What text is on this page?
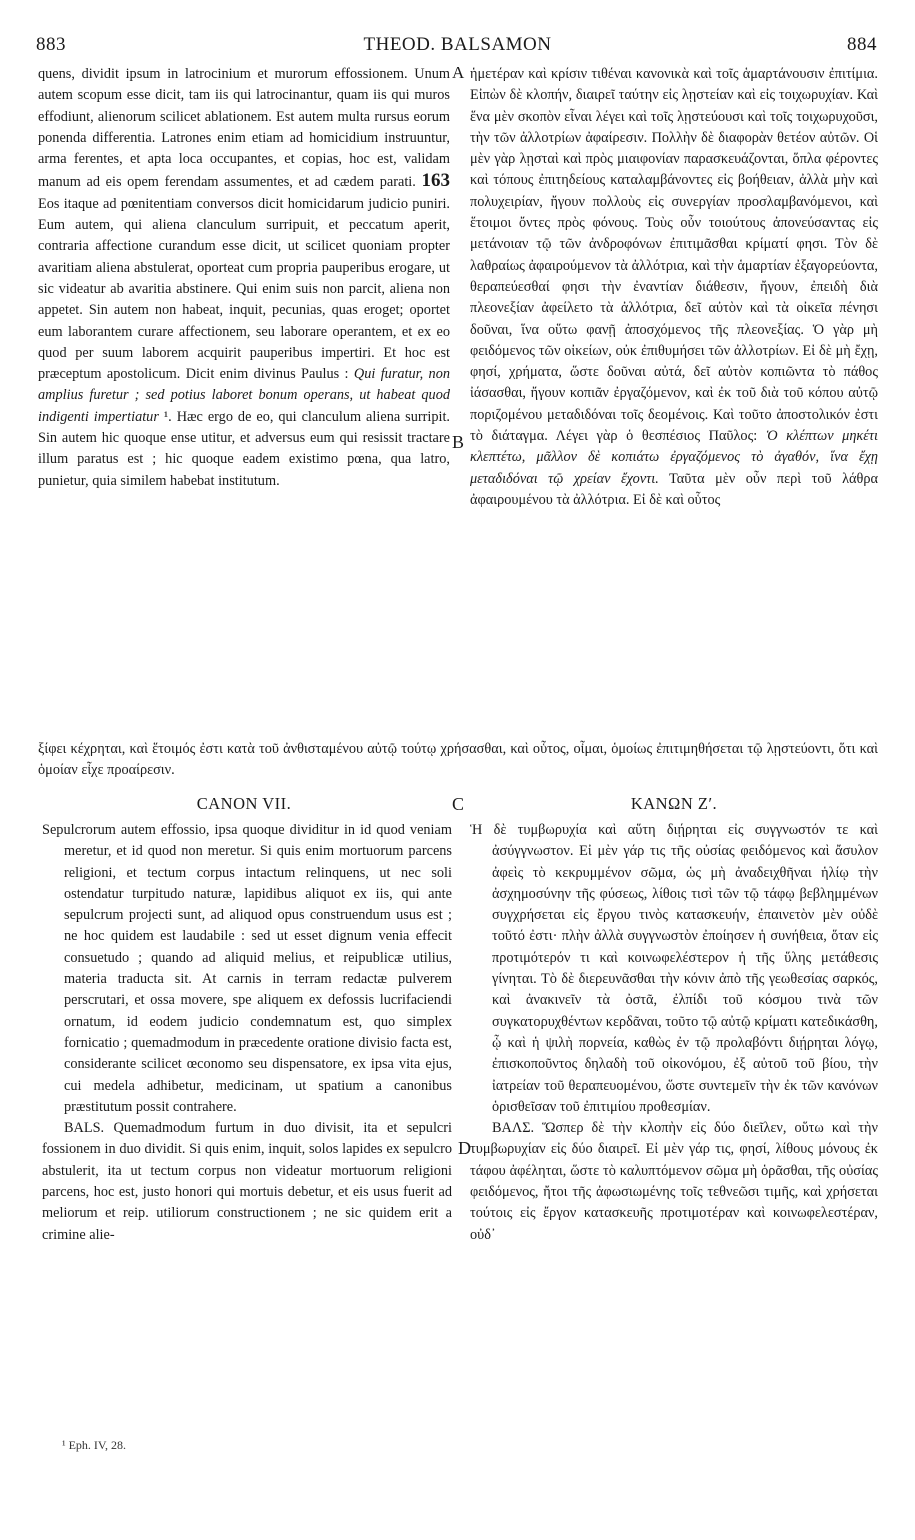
883	THEOD. BALSAMON	884
A
B
C
D

quens, dividit ipsum in latrocinium et murorum effossionem. Unum autem scopum esse dicit, tam iis qui latrocinantur, quam iis qui muros effodiunt, alienorum scilicet ablationem. Est autem multa rursus eorum ponenda differentia. Latrones enim etiam ad homicidium instruuntur, arma ferentes, et apta loca occupantes, et copias, hoc est, validam manum ad eis opem ferendam assumentes, et ad cædem parati. 163 Eos itaque ad pœnitentiam conversos dicit homicidarum judicio puniri. Eum autem, qui aliena clanculum surripuit, et peccatum aperit, contraria affectione curandum esse dicit, ut scilicet quoniam propter avaritiam aliena abstulerat, oporteat cum propria pauperibus erogare, ut sic videatur ab avaritia abstinere. Qui enim suis non parcit, aliena non appetet. Sin autem non habeat, inquit, pecunias, quas eroget; oportet eum laborantem curare affectionem, seu laborare operantem, et ex eo quod per suum laborem acquirit pauperibus impertiri. Et hoc est præceptum apostolicum. Dicit enim divinus Paulus : Qui furatur, non amplius furetur ; sed potius laboret bonum operans, ut habeat quod indigenti impertiatur ¹. Hæc ergo de eo, qui clanculum aliena surripit. Sin autem hic quoque ense utitur, et adversus eum qui resissit tractare illum paratus est ; hic quoque eadem existimo pœna, qua latro, punietur, quia similem habebat institutum.

ἡμετέραν καὶ κρίσιν τιθέναι κανονικὰ καὶ τοῖς ἁμαρτάνουσιν ἐπιτίμια. Εἰπὼν δὲ κλοπήν, διαιρεῖ ταύτην εἰς λῃστείαν καὶ εἰς τοιχωρυχίαν. Καὶ ἕνα μὲν σκοπὸν εἶναι λέγει καὶ τοῖς λῃστεύουσι καὶ τοῖς τοιχωρυχοῦσι, τὴν τῶν ἀλλοτρίων ἀφαίρεσιν. Πολλὴν δὲ διαφορὰν θετέον αὐτῶν. Οἱ μὲν γὰρ λῃσταὶ καὶ πρὸς μιαιφονίαν παρασκευάζονται, ὅπλα φέροντες καὶ τόπους ἐπιτηδείους καταλαμβάνοντες εἰς βοήθειαν, ἀλλὰ μὴν καὶ πολυχειρίαν, ἤγουν πολλοὺς εἰς συνεργίαν προσλαμβανόμενοι, καὶ ἕτοιμοι ὄντες πρὸς φόνους. Τοὺς οὖν τοιούτους ἀπονεύσαντας εἰς μετάνοιαν τῷ τῶν ἀνδροφόνων ἐπιτιμᾶσθαι κρίματί φησι. Τὸν δὲ λαθραίως ἀφαιρούμενον τὰ ἀλλότρια, καὶ τὴν ἁμαρτίαν ἐξαγορεύοντα, θεραπεύεσθαί φησι τὴν ἐναντίαν διάθεσιν, ἤγουν, ἐπειδὴ διὰ πλεονεξίαν ἀφείλετο τὰ ἀλλότρια, δεῖ αὐτὸν καὶ τὰ οἰκεῖα πένησι δοῦναι, ἵνα οὕτω φανῇ ἀποσχόμενος τῆς πλεονεξίας. Ὁ γὰρ μὴ φειδόμενος τῶν οἰκείων, οὐκ ἐπιθυμήσει τῶν ἀλλοτρίων. Εἰ δὲ μὴ ἔχῃ, φησί, χρήματα, ὥστε δοῦναι αὐτά, δεῖ αὐτὸν κοπιῶντα τὸ πάθος ἰάσασθαι, ἤγουν κοπιᾶν ἐργαζόμενον, καὶ ἐκ τοῦ διὰ τοῦ κόπου αὐτῷ ποριζομένου μεταδιδόναι τοῖς δεομένοις. Καὶ τοῦτο ἀποστολικόν ἐστι τὸ διάταγμα. Λέγει γὰρ ὁ θεσπέσιος Παῦλος: Ὁ κλέπτων μηκέτι κλεπτέτω, μᾶλλον δὲ κοπιάτω ἐργαζόμενος τὸ ἀγαθόν, ἵνα ἔχῃ μεταδιδόναι τῷ χρείαν ἔχοντι. Ταῦτα μὲν οὖν περὶ τοῦ λάθρα ἀφαιρουμένου τὰ ἀλλότρια. Εἰ δὲ καὶ οὗτος

ξίφει κέχρηται, καὶ ἕτοιμός ἐστι κατὰ τοῦ ἀνθισταμένου αὐτῷ τούτῳ χρήσασθαι, καὶ οὗτος, οἶμαι, ὁμοίως ἐπιτιμηθήσεται τῷ λῃστεύοντι, ὅτι καὶ ὁμοίαν εἶχε προαίρεσιν.

CANON VII.	ΚΑΝΩΝ Ζʹ.

Sepulcrorum autem effossio, ipsa quoque dividitur in id quod veniam meretur, et id quod non meretur. Si quis enim mortuorum parcens religioni, et tectum corpus intactum relinquens, ut nec soli ostendatur turpitudo naturæ, lapidibus aliquot ex iis, qui ante sepulcrum projecti sunt, ad aliquod opus construendum usus est ; ne hoc quidem est laudabile : sed ut esset dignum venia effecit consuetudo ; quando ad aliquid melius, et reipublicæ utilius, materia traducta sit. At carnis in terram redactæ pulverem perscrutari, et ossa movere, spe aliquem ex defossis lucrifaciendi ornatum, id eodem judicio condemnatum est, quo simplex fornicatio ; quemadmodum in præcedente oratione divisio facta est, considerante scilicet œconomo seu dispensatore, ex ipsa vita ejus, cui medela adhibetur, medicinam, ut spatium a canonibus præstitutum possit contrahere.

BALS. Quemadmodum furtum in duo divisit, ita et sepulcri fossionem in duo dividit. Si quis enim, inquit, solos lapides ex sepulcro abstulerit, ita ut tectum corpus non videatur mortuorum religioni parcens, hoc est, justo honori qui mortuis debetur, et eis usus fuerit ad meliorum et reip. utiliorum constructionem ; ne sic quidem erit a crimine alie-

Ἡ δὲ τυμβωρυχία καὶ αὕτη διῄρηται εἰς συγγνωστόν τε καὶ ἀσύγγνωστον. Εἰ μὲν γάρ τις τῆς οὐσίας φειδόμενος καὶ ἄσυλον ἀφεὶς τὸ κεκρυμμένον σῶμα, ὡς μὴ ἀναδειχθῆναι ἡλίῳ τὴν ἀσχημοσύνην τῆς φύσεως, λίθοις τισὶ τῶν τῷ τάφῳ βεβλημμένων συγχρήσεται εἰς ἔργου τινὸς κατασκευήν, ἐπαινετὸν μὲν οὐδὲ τοῦτό ἐστι· πλὴν ἀλλὰ συγγνωστὸν ἐποίησεν ἡ συνήθεια, ὅταν εἰς προτιμότερόν τι καὶ κοινωφελέστερον ἡ τῆς ὕλης μετάθεσις γίνηται. Τὸ δὲ διερευνᾶσθαι τὴν κόνιν ἀπὸ τῆς γεωθεσίας σαρκός, καὶ ἀνακινεῖν τὰ ὀστᾶ, ἐλπίδι τοῦ κόσμου τινὰ τῶν συγκατορυχθέντων κερδᾶναι, τοῦτο τῷ αὐτῷ κρίματι κατεδικάσθη, ᾧ καὶ ἡ ψιλὴ πορνεία, καθὼς ἐν τῷ προλαβόντι διῄρηται λόγῳ, ἐπισκοποῦντος δηλαδὴ τοῦ οἰκονόμου, ἐξ αὐτοῦ τοῦ βίου, τὴν ἰατρείαν τοῦ θεραπευομένου, ὥστε συντεμεῖν τὴν ἐκ τῶν κανόνων ὁρισθεῖσαν τοῦ ἐπιτιμίου προθεσμίαν.

ΒΑΛΣ. Ὥσπερ δὲ τὴν κλοπὴν εἰς δύο διεῖλεν, οὕτω καὶ τὴν τυμβωρυχίαν εἰς δύο διαιρεῖ. Εἰ μὲν γάρ τις, φησί, λίθους μόνους ἐκ τάφου ἀφέληται, ὥστε τὸ καλυπτόμενον σῶμα μὴ ὁρᾶσθαι, τῆς οὐσίας φειδόμενος, ἤτοι τῆς ἀφωσιωμένης τοῖς τεθνεῶσι τιμῆς, καὶ χρήσεται τούτοις εἰς ἔργον κατασκευῆς προτιμοτέραν καὶ κοινωφελεστέραν, οὐδ᾽

¹ Eph. IV, 28.
